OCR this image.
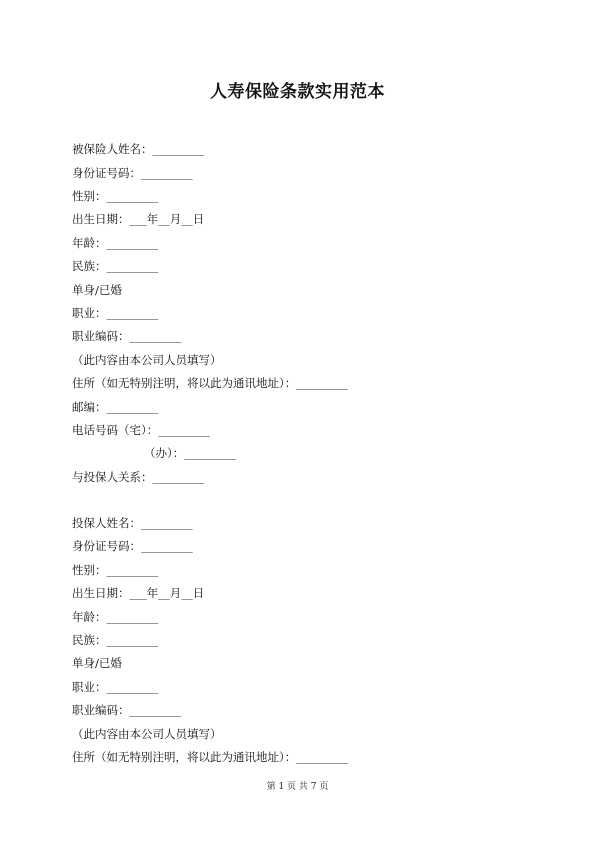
人寿保险条款实用范本
被保险人姓名：_________
身份证号码：_________
性别：_________
出生日期：___年__月__日
年龄：_________
民族：_________
单身/已婚
职业：_________
职业编码：_________
（此内容由本公司人员填写）
住所（如无特别注明，将以此为通讯地址）：_________
邮编：_________
电话号码（宅）：_________
（办）：_________
与投保人关系：_________
投保人姓名：_________
身份证号码：_________
性别：_________
出生日期：___年__月__日
年龄：_________
民族：_________
单身/已婚
职业：_________
职业编码：_________
（此内容由本公司人员填写）
住所（如无特别注明，将以此为通讯地址）：_________
第 1 页 共 7 页
